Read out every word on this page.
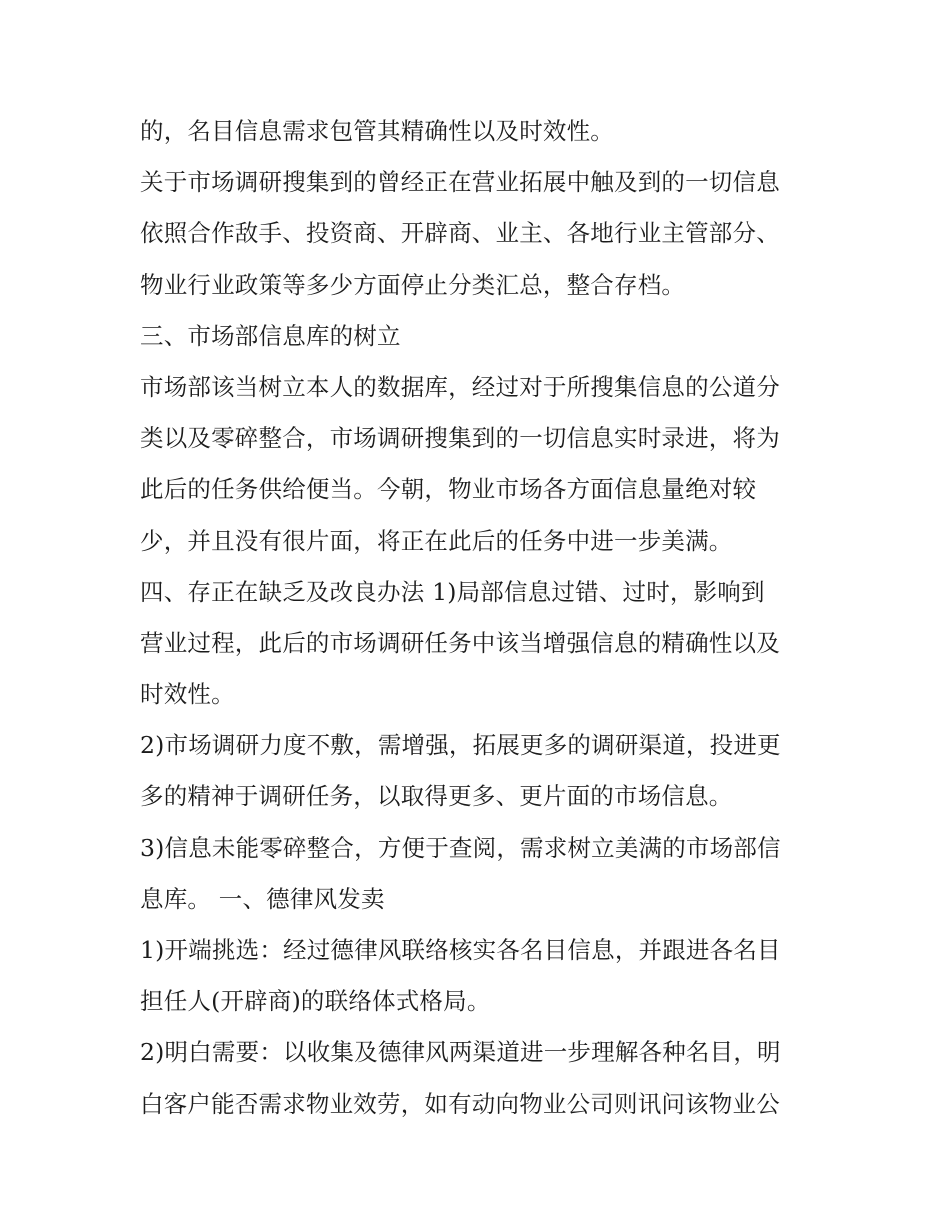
的，名目信息需求包管其精确性以及时效性。
关于市场调研搜集到的曾经正在营业拓展中触及到的一切信息
依照合作敌手、投资商、开辟商、业主、各地行业主管部分、
物业行业政策等多少方面停止分类汇总，整合存档。
三、市场部信息库的树立
市场部该当树立本人的数据库，经过对于所搜集信息的公道分
类以及零碎整合，市场调研搜集到的一切信息实时录进，将为
此后的任务供给便当。今朝，物业市场各方面信息量绝对较
少，并且没有很片面，将正在此后的任务中进一步美满。
四、存正在缺乏及改良办法 1)局部信息过错、过时，影响到
营业过程，此后的市场调研任务中该当增强信息的精确性以及
时效性。
2)市场调研力度不敷，需增强，拓展更多的调研渠道，投进更
多的精神于调研任务，以取得更多、更片面的市场信息。
3)信息未能零碎整合，方便于查阅，需求树立美满的市场部信
息库。 一、德律风发卖
1)开端挑选：经过德律风联络核实各名目信息，并跟进各名目
担任人(开辟商)的联络体式格局。
2)明白需要：以收集及德律风两渠道进一步理解各种名目，明
白客户能否需求物业效劳，如有动向物业公司则讯问该物业公
